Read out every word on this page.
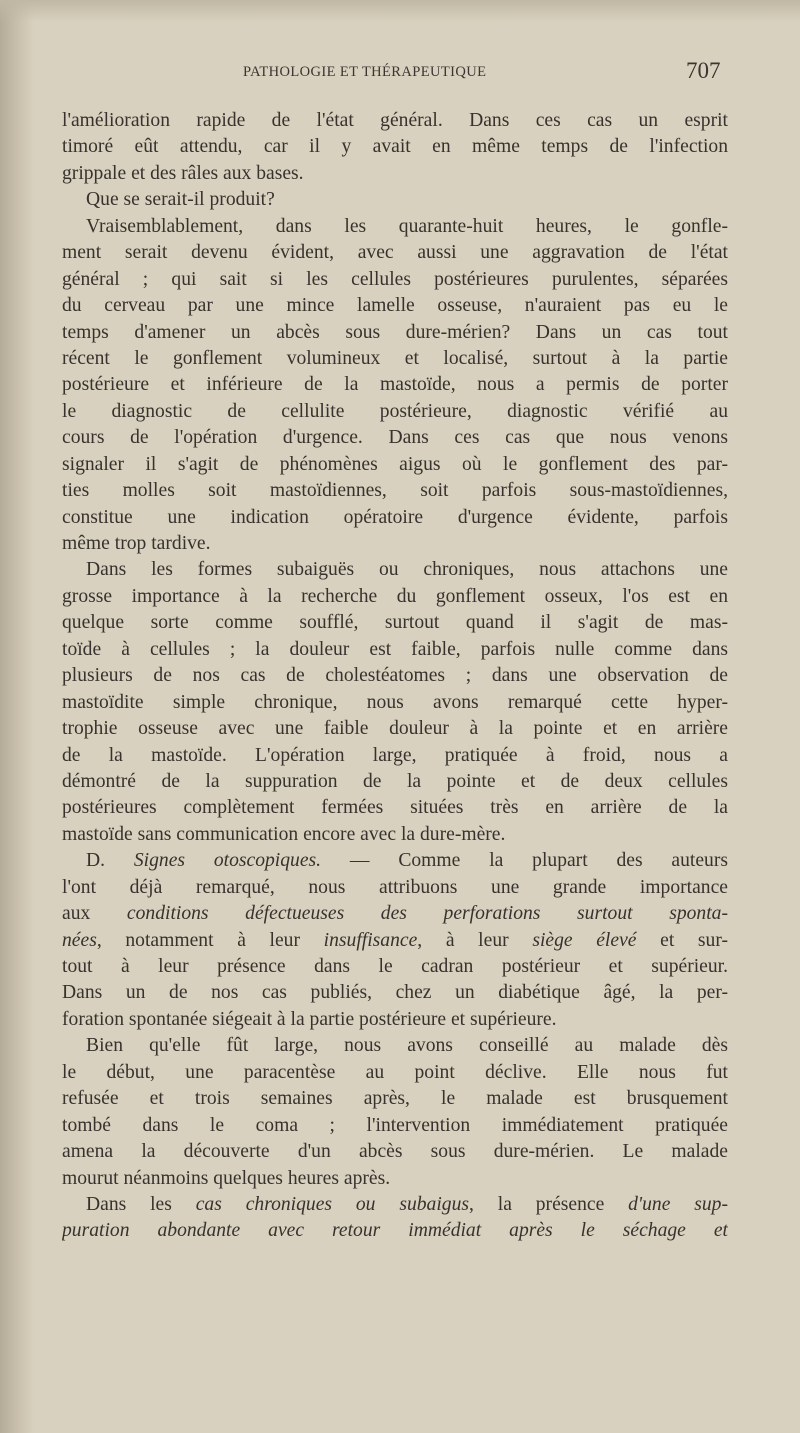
PATHOLOGIE ET THÉRAPEUTIQUE	707
l'amélioration rapide de l'état général. Dans ces cas un esprit
timoré eût attendu, car il y avait en même temps de l'infection
grippale et des râles aux bases.
Que se serait-il produit?
Vraisemblablement, dans les quarante-huit heures, le gonfle-
ment serait devenu évident, avec aussi une aggravation de l'état
général ; qui sait si les cellules postérieures purulentes, séparées
du cerveau par une mince lamelle osseuse, n'auraient pas eu le
temps d'amener un abcès sous dure-mérien? Dans un cas tout
récent le gonflement volumineux et localisé, surtout à la partie
postérieure et inférieure de la mastoïde, nous a permis de porter
le diagnostic de cellulite postérieure, diagnostic vérifié au
cours de l'opération d'urgence. Dans ces cas que nous venons
signaler il s'agit de phénomènes aigus où le gonflement des par-
ties molles soit mastoïdiennes, soit parfois sous-mastoïdiennes,
constitue une indication opératoire d'urgence évidente, parfois
même trop tardive.
Dans les formes subaiguës ou chroniques, nous attachons une
grosse importance à la recherche du gonflement osseux, l'os est en
quelque sorte comme soufflé, surtout quand il s'agit de mas-
toïde à cellules ; la douleur est faible, parfois nulle comme dans
plusieurs de nos cas de cholestéatomes ; dans une observation de
mastoïdite simple chronique, nous avons remarqué cette hyper-
trophie osseuse avec une faible douleur à la pointe et en arrière
de la mastoïde. L'opération large, pratiquée à froid, nous a
démontré de la suppuration de la pointe et de deux cellules
postérieures complètement fermées situées très en arrière de la
mastoïde sans communication encore avec la dure-mère.
D. Signes otoscopiques. — Comme la plupart des auteurs
l'ont déjà remarqué, nous attribuons une grande importance
aux conditions défectueuses des perforations surtout sponta-
nées, notamment à leur insuffisance, à leur siège élevé et sur-
tout à leur présence dans le cadran postérieur et supérieur.
Dans un de nos cas publiés, chez un diabétique âgé, la per-
foration spontanée siégeait à la partie postérieure et supérieure.
Bien qu'elle fût large, nous avons conseillé au malade dès
le début, une paracentèse au point déclive. Elle nous fut
refusée et trois semaines après, le malade est brusquement
tombé dans le coma ; l'intervention immédiatement pratiquée
amena la découverte d'un abcès sous dure-mérien. Le malade
mourut néanmoins quelques heures après.
Dans les cas chroniques ou subaigus, la présence d'une sup-
puration abondante avec retour immédiat après le séchage et
